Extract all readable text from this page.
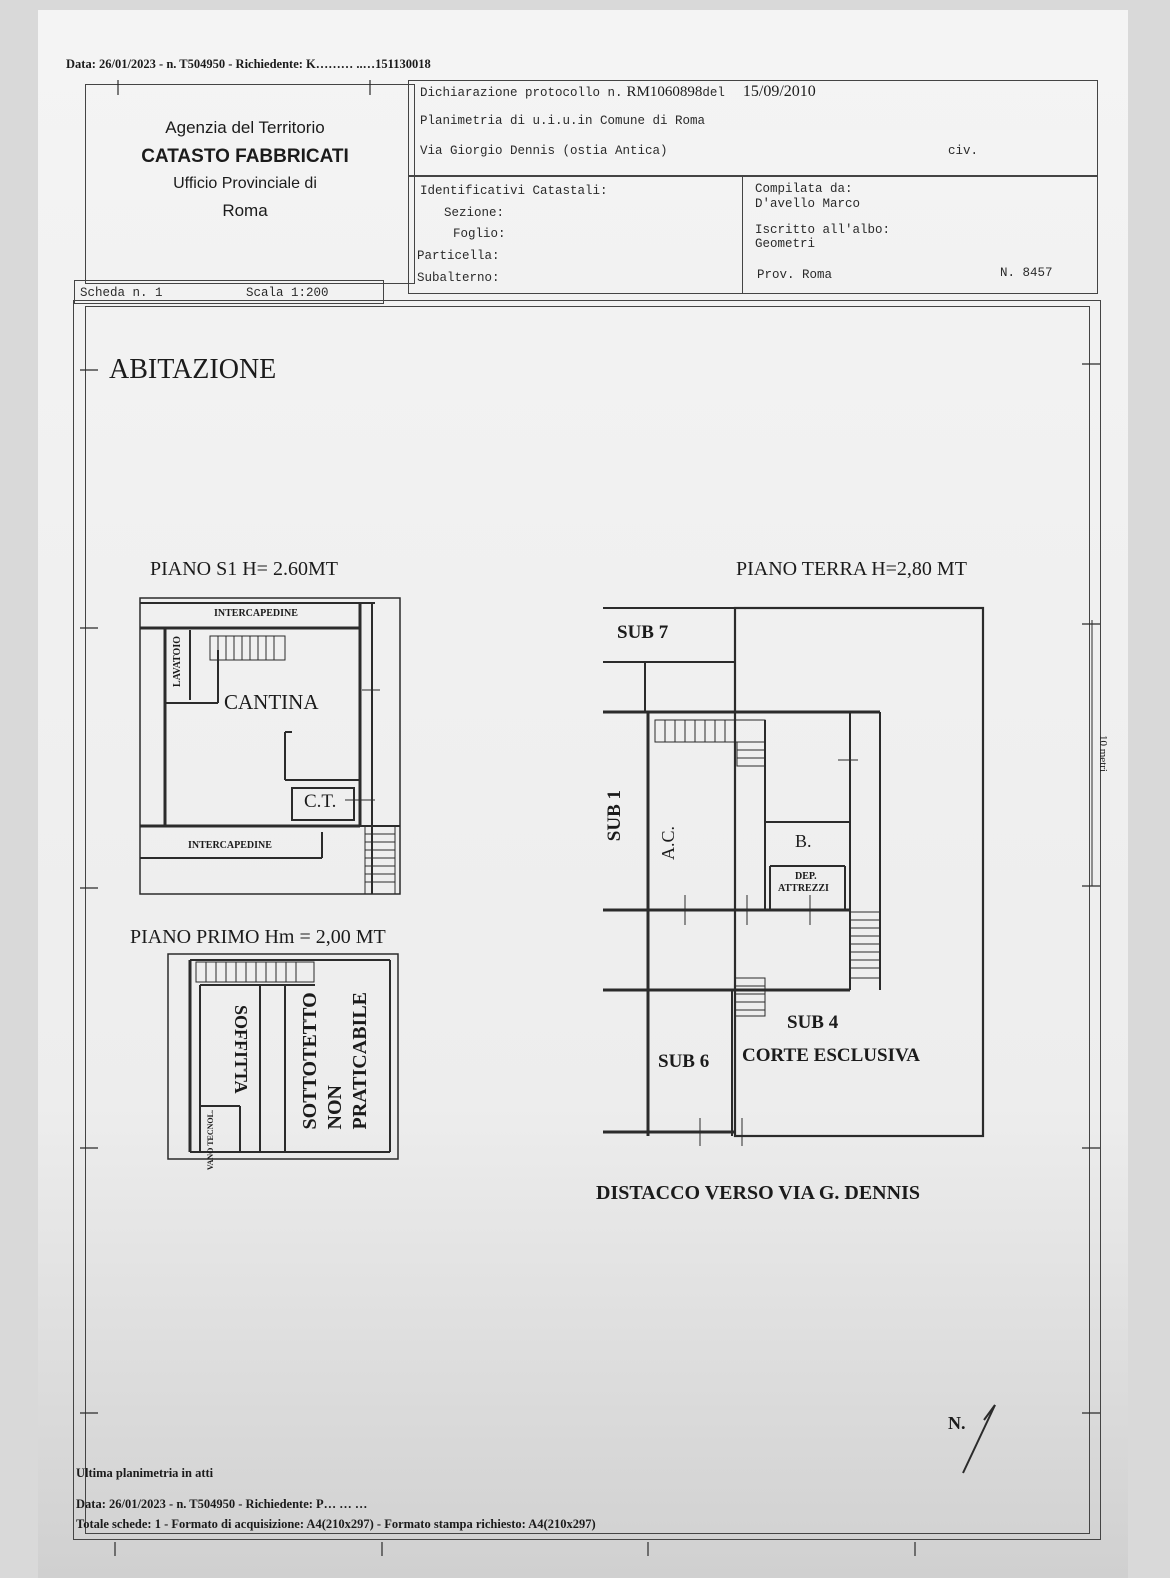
Data: 26/01/2023 - n. T504950 - Richiedente: K……… ..…151130018
Agenzia del Territorio
CATASTO FABBRICATI
Ufficio Provinciale di
Roma
Dichiarazione protocollo n. RM1060898del 15/09/2010
Planimetria di u.i.u.in Comune di Roma
Via Giorgio Dennis (ostia Antica)	civ.
Identificativi Catastali:
Sezione:
Foglio:
Particella:
Subalterno:
Compilata da:
D'avello Marco
Iscritto all'albo:
Geometri
Prov. Roma	N. 8457
Scheda n. 1	Scala 1:200
ABITAZIONE
10 metri
N.
PIANO S1 H= 2.60MT
INTERCAPEDINE
INTERCAPEDINE
LAVATOIO
CANTINA
C.T.
PIANO PRIMO Hm = 2,00 MT
SOFFITTA
VANO TECNOL.
SOTTOTETTO NON PRATICABILE
PIANO TERRA H=2,80 MT
SUB 7
SUB 1
A.C.	B.
DEP.
ATTREZZI
SUB 4
CORTE ESCLUSIVA
SUB 6
DISTACCO VERSO VIA G. DENNIS
Ultima planimetria in atti
Data: 26/01/2023 - n. T504950 - Richiedente: P… … …
Totale schede: 1 - Formato di acquisizione: A4(210x297) - Formato stampa richiesto: A4(210x297)
